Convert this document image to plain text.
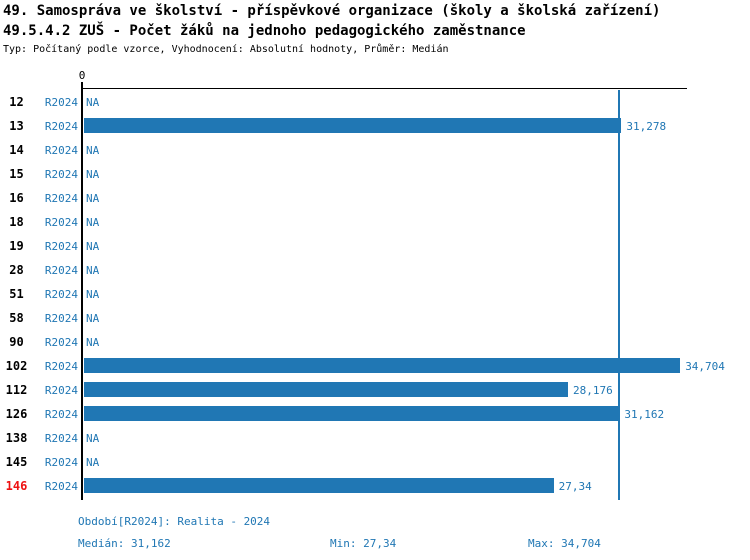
49. Samospráva ve školství - příspěvkové organizace (školy a školská zařízení)
49.5.4.2 ZUŠ - Počet žáků na jednoho pedagogického zaměstnance
Typ: Počítaný podle vzorce, Vyhodnocení: Absolutní hodnoty, Průměr: Medián
0
12	R2024 NA
13	R2024	31,278
14	R2024 NA
15	R2024 NA
16	R2024 NA
18	R2024 NA
19	R2024 NA
28	R2024 NA
51	R2024 NA
58	R2024 NA
90	R2024 NA
102	R2024	34,704
112	R2024	28,176
126	R2024	31,162
138	R2024 NA
145	R2024 NA
146	R2024	27,34
Období[R2024]: Realita - 2024
Medián: 31,162	Min: 27,34	Max: 34,704
